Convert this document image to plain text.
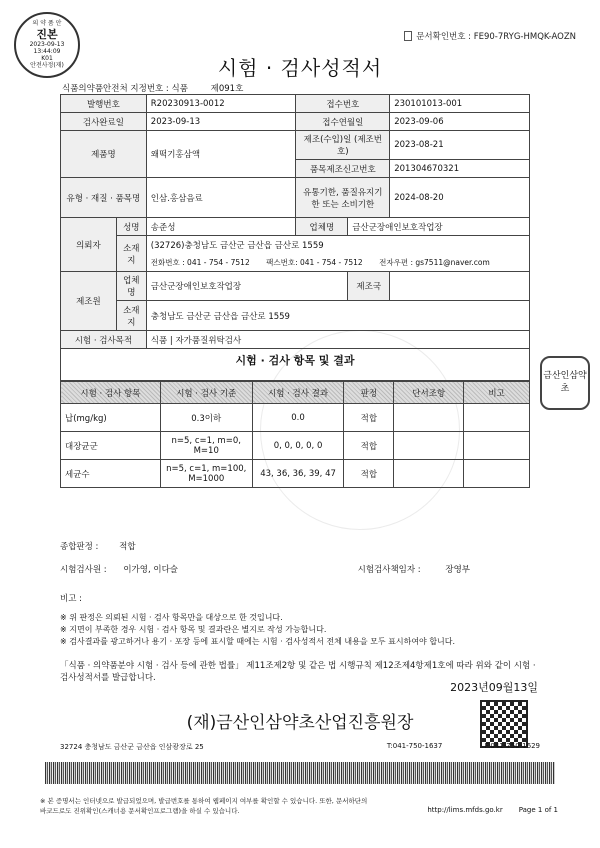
의 약 품 안
진본
2023-09-13
13:44:09
K01
안전사정(재)
문서확인번호 : FE90-7RYG-HMQK-AOZN
시험 · 검사성적서
식품의약품안전처 지정번호 : 식품	제091호
발행번호		R20230913-0012	접수번호		230101013-001
검사완료일		2023-09-13	접수연월일		2023-09-06
제품명		왜떡기홍삼액	제조(수입)일 (제조번호)		2023-08-21
			품목제조신고번호		201304670321
유형 · 재질 · 품목명		인삼.홍삼음료	유통기한, 품질유지기한 또는 소비기한		2024-08-20
의뢰자	성명	송준성	업체명	금산군장애인보호작업장	
	소재지	(32726)충청남도 금산군 금산읍 금산로 1559			
		전화번호 : 041 - 754 - 7512 팩스번호: 041 - 754 - 7512 전자우편 : gs7511@naver.com			
제조원	업체명	금산군장애인보호작업장		제조국	
	소재지	충청남도 금산군 금산읍 금산로 1559			
시험 · 검사목적		식품 | 자가품질위탁검사			
시험 · 검사 항목 및 결과
시험 · 검사 항목	시험 · 검사 기준	시험 · 검사 결과	판정	단서조항	비고
납(mg/kg)	0.3이하	0.0	적합		
대장균군	n=5, c=1, m=0, M=10	0, 0, 0, 0, 0	적합		
세균수	n=5, c=1, m=100, M=1000	43, 36, 36, 39, 47	적합		
금산인삼약초
종합판정 : 적합
시험검사원 : 이가영, 이다슬	시험검사책임자 :	장영부
비고 :
※ 위 판정은 의뢰된 시험 · 검사 항목만을 대상으로 한 것입니다.
※ 지면이 부족한 경우 시험 · 검사 항목 및 결과란은 별지로 작성 가능합니다.
※ 검사결과를 광고하거나 용기 · 포장 등에 표시할 때에는 시험 · 검사성적서 전체 내용을 모두 표시하여야 합니다.
「식품 · 의약품분야 시험 · 검사 등에 관한 법률」 제11조제2항 및 같은 법 시행규칙 제12조제4항제1호에 따라 위와 같이 시험 · 검사성적서를 발급합니다.
2023년09월13일
(재)금산인삼약초산업진흥원장
32724 충청남도 금산군 금산읍 인삼광장로 25	T:041-750-1637	F:041-750-1629
※ 본 증명서는 인터넷으로 발급되었으며, 발급번호를 통하여 웹페이지 여부를 확인할 수 있습니다. 또한, 문서하단의 바코드로도 진위확인(스캐너용 문서확인프로그램)을 하실 수 있습니다.	http://lims.mfds.go.kr Page 1 of 1
